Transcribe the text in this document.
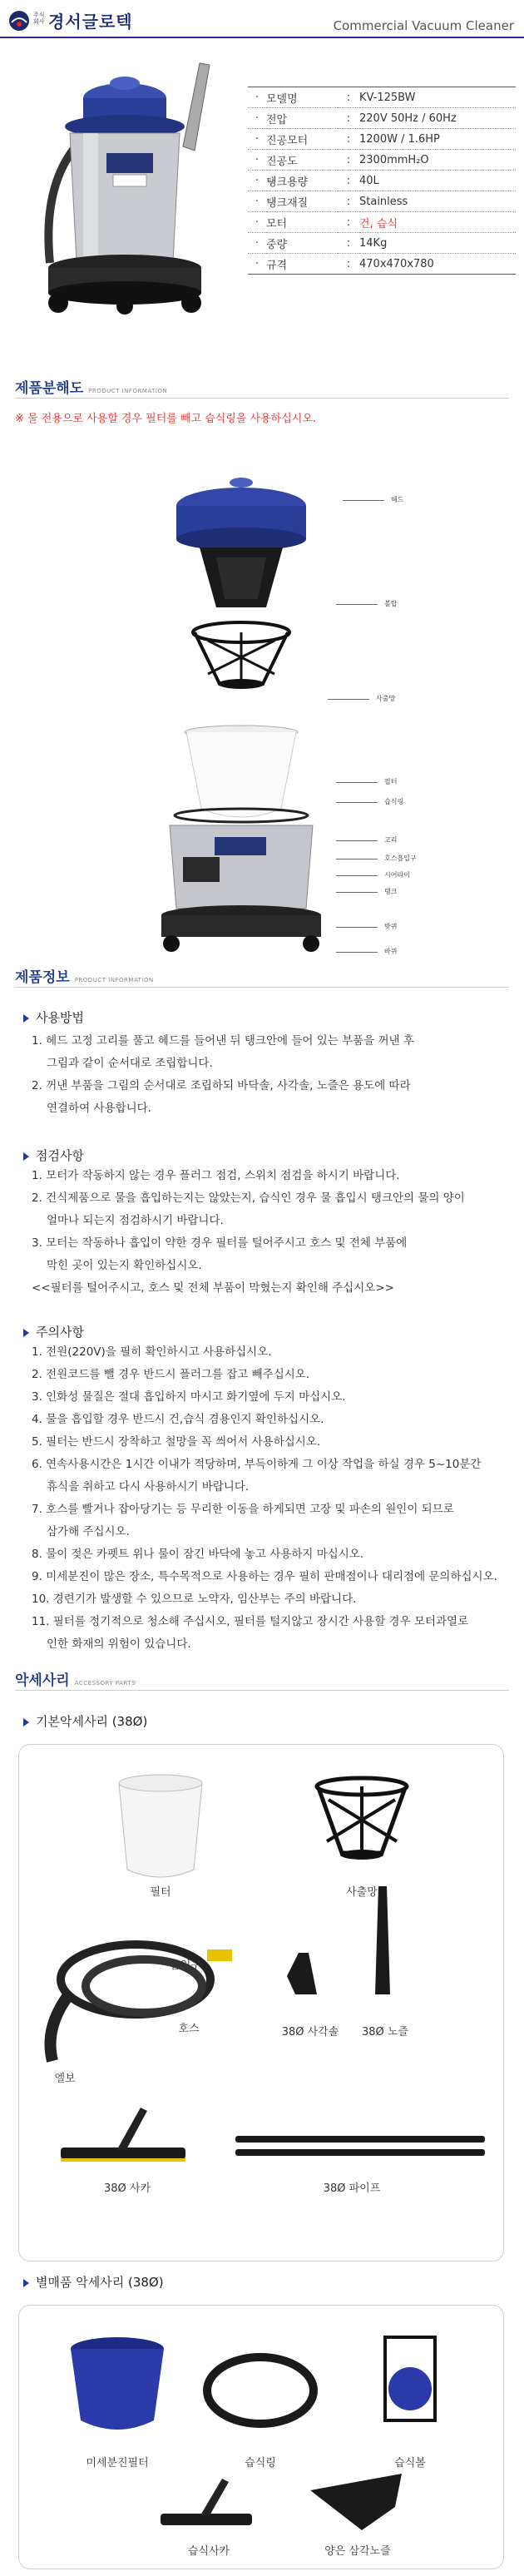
주식 회사 경서글로텍	Commercial Vacuum Cleaner
·	모델명	:	KV-125BW
·	전압	:	220V 50Hz / 60Hz
·	진공모터	:	1200W / 1.6HP
·	진공도	:	2300mmH₂O
·	탱크용량	:	40L
·	탱크재질	:	Stainless
·	모터	:	건, 습식
·	중량	:	14Kg
·	규격	:	470x470x780
제품분해도 PRODUCT INFORMATION
※ 물 전용으로 사용할 경우 필터를 빼고 습식링을 사용하십시오.
헤드
볼탑
사출망
필터
습식링
고리
호스흡입구
시어라이
탱크
밧퀴
바퀴
제품정보 PRODUCT INFORMATION
사용방법
1. 헤드 고정 고리를 풀고 헤드를 들어낸 뒤 탱크안에 들어 있는 부품을 꺼낸 후
그림과 같이 순서대로 조립합니다.
2. 꺼낸 부품을 그림의 순서대로 조립하되 바닥솔, 사각솔, 노즐은 용도에 따라
연결하여 사용합니다.
점검사항
1. 모터가 작동하지 않는 경우 플러그 점검, 스위치 점검을 하시기 바랍니다.
2. 건식제품으로 물을 흡입하는지는 않았는지, 습식인 경우 물 흡입시 탱크안의 물의 양이
얼마나 되는지 점검하시기 바랍니다.
3. 모터는 작동하나 흡입이 약한 경우 필터를 털어주시고 호스 및 전체 부품에
막힌 곳이 있는지 확인하십시오.
<<필터를 털어주시고, 호스 및 전체 부품이 막혔는지 확인해 주십시오>>
주의사항
1. 전원(220V)을 필히 확인하시고 사용하십시오.
2. 전원코드를 뺄 경우 반드시 플러그를 잡고 빼주십시오.
3. 인화성 물질은 절대 흡입하지 마시고 화기옆에 두지 마십시오.
4. 물을 흡입할 경우 반드시 건,습식 겸용인지 확인하십시오.
5. 필터는 반드시 장착하고 철망을 꼭 씌어서 사용하십시오.
6. 연속사용시간은 1시간 이내가 적당하며, 부득이하게 그 이상 작업을 하실 경우 5~10분간
휴식을 취하고 다시 사용하시기 바랍니다.
7. 호스를 빨거나 잡아당기는 등 무리한 이동을 하게되면 고장 및 파손의 원인이 되므로
삼가해 주십시오.
8. 물이 젖은 카펫트 위나 물이 잠긴 바닥에 놓고 사용하지 마십시오.
9. 미세분진이 많은 장소, 특수목적으로 사용하는 경우 필히 판매점이나 대리점에 문의하십시오.
10. 경련기가 발생할 수 있으므로 노약자, 임산부는 주의 바랍니다.
11. 필터를 정기적으로 청소해 주십시오, 필터를 털지않고 장시간 사용할 경우 모터과열로
인한 화재의 위험이 있습니다.
악세사리 ACCESSORY PARTS
기본악세사리 (38Ø)
필터	사출망
흡입구
호스
엘보
38Ø 사각솔	38Ø 노즐
38Ø 사카	38Ø 파이프
별매품 악세사리 (38Ø)
미세분진필터	습식링	습식볼
습식사카	양은 삼각노즐
